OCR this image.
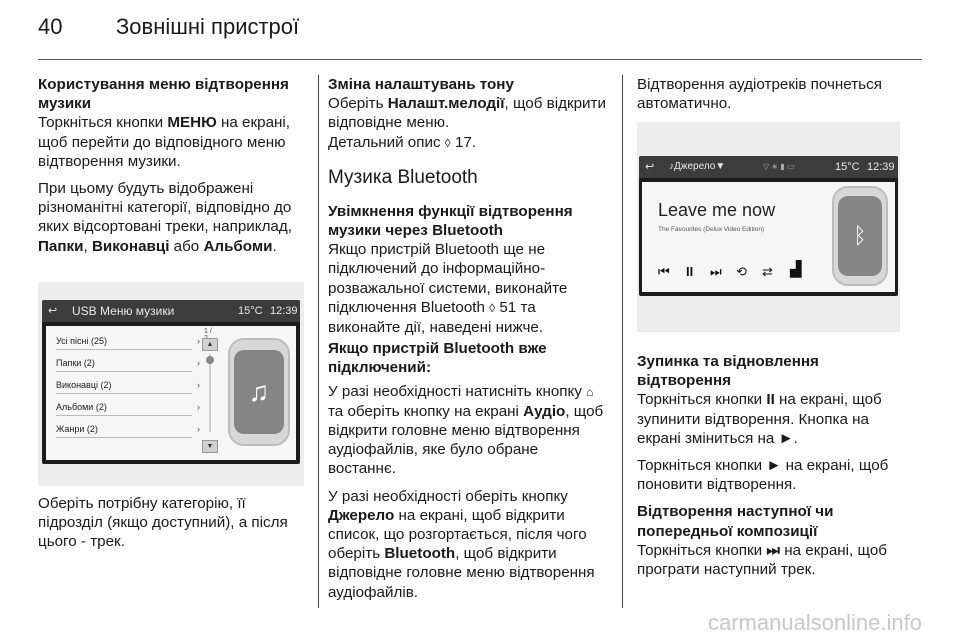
40 Зовнішні пристрої
Користування меню відтворення музики

Торкніться кнопки МЕНЮ на екрані, щоб перейти до відповідного меню відтворення музики.

При цьому будуть відображені різноманітні категорії, відповідно до яких відсортовані треки, наприклад, Папки, Виконавці або Альбоми.

Оберіть потрібну категорію, її підрозділ (якщо доступний), а після цього - трек.

↩ USB Меню музики	15°C 12:39
Усі пісні (25)	›
Папки (2)	›
Виконавці (2)	›
Альбоми (2)	›
Жанри (2)	›
1 /
▲
▼
♫
Зміна налаштувань тону

Оберіть Налашт.мелодії, щоб відкрити відповідне меню.

Детальний опис ◊ 17.

Музика Bluetooth
Увімкнення функції відтворення музики через Bluetooth

Якщо пристрій Bluetooth ще не підключений до інформаційно-розважальної системи, виконайте підключення Bluetooth ◊ 51 та виконайте дії, наведені нижче.

Якщо пристрій Bluetooth вже підключений:

У разі необхідності натисніть кнопку ⌂ та оберіть кнопку на екрані Аудіо, щоб відкрити головне меню відтворення аудіофайлів, яке було обране востаннє.

У разі необхідності оберіть кнопку Джерело на екрані, щоб відкрити список, що розгортається, після чого оберіть Bluetooth, щоб відкрити відповідне головне меню відтворення аудіофайлів.

Відтворення аудіотреків почнеться автоматично.

↩ ♪Джерело▼	▽ ∗ ▮ ▭	15°C 12:39
Leave me now
The Favourites (Delux Video Edition)
⏮ II ⏭ ⟲ ⇄ ▟
ᛒ
Зупинка та відновлення відтворення

Торкніться кнопки II на екрані, щоб зупинити відтворення. Кнопка на екрані зміниться на ►.

Торкніться кнопки ► на екрані, щоб поновити відтворення.

Відтворення наступної чи попередньої композиції

Торкніться кнопки ⏭ на екрані, щоб програти наступний трек.

carmanualsonline.info
